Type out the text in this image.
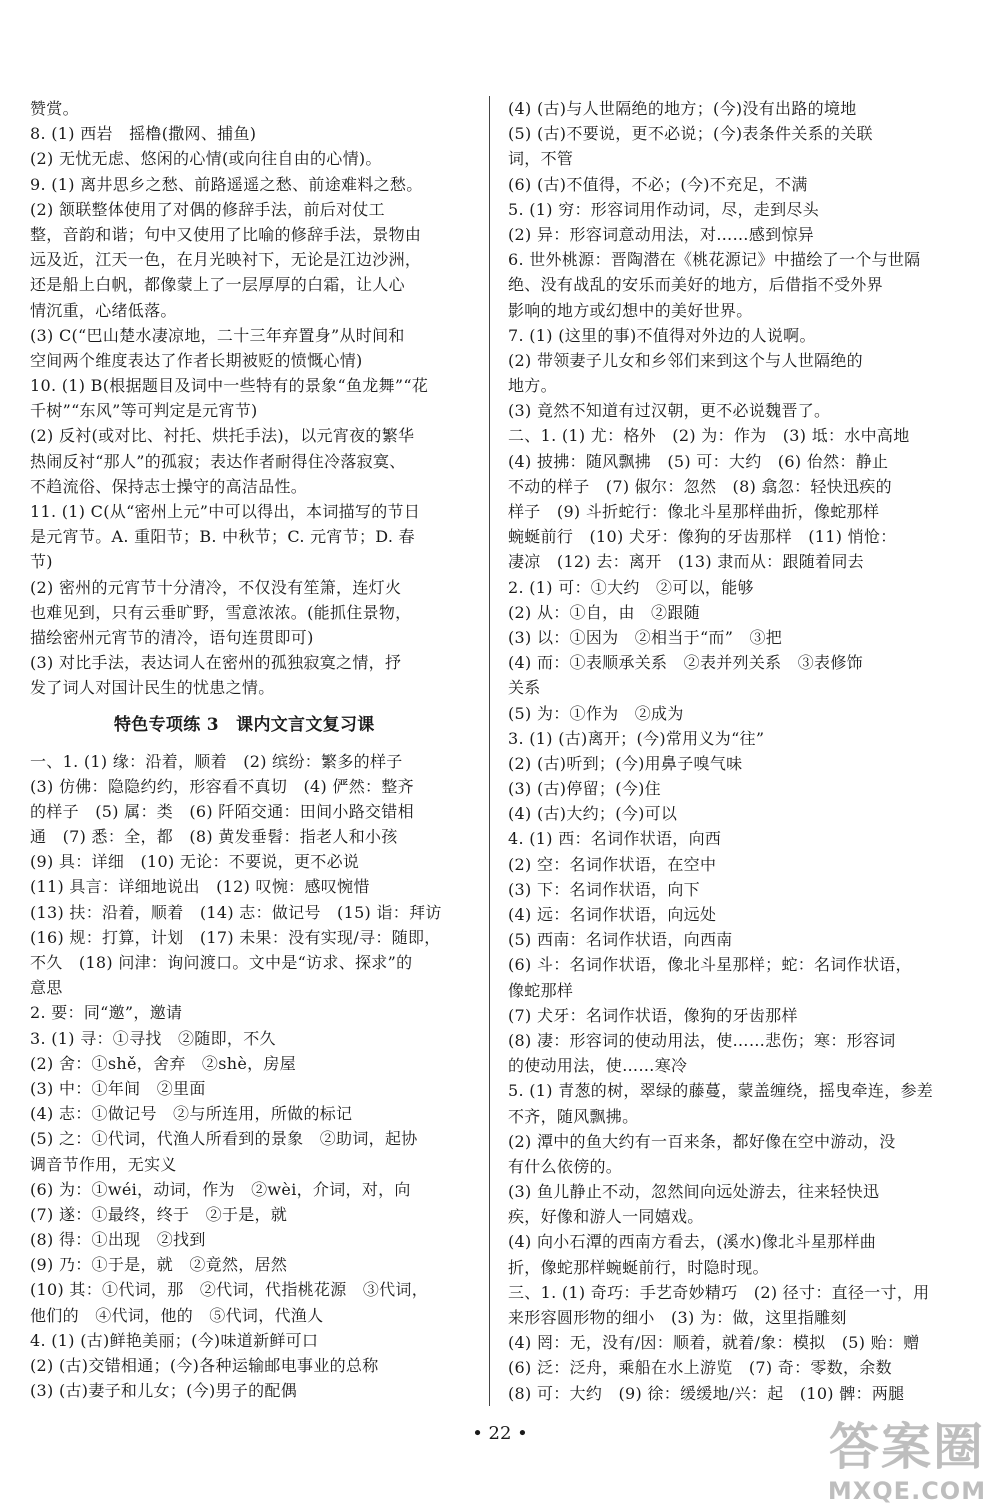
赞赏。
8. (1) 西岩　摇橹(撒网、捕鱼)
(2) 无忧无虑、悠闲的心情(或向往自由的心情)。
9. (1) 离井思乡之愁、前路遥遥之愁、前途难料之愁。
(2) 颔联整体使用了对偶的修辞手法，前后对仗工
整，音韵和谐；句中又使用了比喻的修辞手法，景物由
远及近，江天一色，在月光映衬下，无论是江边沙洲，
还是船上白帆，都像蒙上了一层厚厚的白霜，让人心
情沉重，心绪低落。
(3) C(“巴山楚水凄凉地，二十三年弃置身”从时间和
空间两个维度表达了作者长期被贬的愤慨心情)
10. (1) B(根据题目及词中一些特有的景象“鱼龙舞”“花
千树”“东风”等可判定是元宵节)
(2) 反衬(或对比、衬托、烘托手法)，以元宵夜的繁华
热闹反衬“那人”的孤寂；表达作者耐得住冷落寂寞、
不趋流俗、保持志士操守的高洁品性。
11. (1) C(从“密州上元”中可以得出，本词描写的节日
是元宵节。A. 重阳节；B. 中秋节；C. 元宵节；D. 春
节)
(2) 密州的元宵节十分清冷，不仅没有笙箫，连灯火
也难见到，只有云垂旷野，雪意浓浓。(能抓住景物，
描绘密州元宵节的清冷，语句连贯即可)
(3) 对比手法，表达词人在密州的孤独寂寞之情，抒
发了词人对国计民生的忧患之情。
特色专项练 3　课内文言文复习课
一、1. (1) 缘：沿着，顺着　(2) 缤纷：繁多的样子
(3) 仿佛：隐隐约约，形容看不真切　(4) 俨然：整齐
的样子　(5) 属：类　(6) 阡陌交通：田间小路交错相
通　(7) 悉：全，都　(8) 黄发垂髫：指老人和小孩
(9) 具：详细　(10) 无论：不要说，更不必说
(11) 具言：详细地说出　(12) 叹惋：感叹惋惜
(13) 扶：沿着，顺着　(14) 志：做记号　(15) 诣：拜访
(16) 规：打算，计划　(17) 未果：没有实现/寻：随即，
不久　(18) 问津：询问渡口。文中是“访求、探求”的
意思
2. 要：同“邀”，邀请
3. (1) 寻：①寻找　②随即，不久
(2) 舍：①shě，舍弃　②shè，房屋
(3) 中：①年间　②里面
(4) 志：①做记号　②与所连用，所做的标记
(5) 之：①代词，代渔人所看到的景象　②助词，起协
调音节作用，无实义
(6) 为：①wéi，动词，作为　②wèi，介词，对，向
(7) 遂：①最终，终于　②于是，就
(8) 得：①出现　②找到
(9) 乃：①于是，就　②竟然，居然
(10) 其：①代词，那　②代词，代指桃花源　③代词，
他们的　④代词，他的　⑤代词，代渔人
4. (1) (古)鲜艳美丽；(今)味道新鲜可口
(2) (古)交错相通；(今)各种运输邮电事业的总称
(3) (古)妻子和儿女；(今)男子的配偶
(4) (古)与人世隔绝的地方；(今)没有出路的境地
(5) (古)不要说，更不必说；(今)表条件关系的关联
词，不管
(6) (古)不值得，不必；(今)不充足，不满
5. (1) 穷：形容词用作动词，尽，走到尽头
(2) 异：形容词意动用法，对……感到惊异
6. 世外桃源：晋陶潜在《桃花源记》中描绘了一个与世隔
绝、没有战乱的安乐而美好的地方，后借指不受外界
影响的地方或幻想中的美好世界。
7. (1) (这里的事)不值得对外边的人说啊。
(2) 带领妻子儿女和乡邻们来到这个与人世隔绝的
地方。
(3) 竟然不知道有过汉朝，更不必说魏晋了。
二、1. (1) 尤：格外　(2) 为：作为　(3) 坻：水中高地
(4) 披拂：随风飘拂　(5) 可：大约　(6) 佁然：静止
不动的样子　(7) 俶尔：忽然　(8) 翕忽：轻快迅疾的
样子　(9) 斗折蛇行：像北斗星那样曲折，像蛇那样
蜿蜒前行　(10) 犬牙：像狗的牙齿那样　(11) 悄怆：
凄凉　(12) 去：离开　(13) 隶而从：跟随着同去
2. (1) 可：①大约　②可以，能够
(2) 从：①自，由　②跟随
(3) 以：①因为　②相当于“而”　③把
(4) 而：①表顺承关系　②表并列关系　③表修饰
关系
(5) 为：①作为　②成为
3. (1) (古)离开；(今)常用义为“往”
(2) (古)听到；(今)用鼻子嗅气味
(3) (古)停留；(今)住
(4) (古)大约；(今)可以
4. (1) 西：名词作状语，向西
(2) 空：名词作状语，在空中
(3) 下：名词作状语，向下
(4) 远：名词作状语，向远处
(5) 西南：名词作状语，向西南
(6) 斗：名词作状语，像北斗星那样；蛇：名词作状语，
像蛇那样
(7) 犬牙：名词作状语，像狗的牙齿那样
(8) 凄：形容词的使动用法，使……悲伤；寒：形容词
的使动用法，使……寒冷
5. (1) 青葱的树，翠绿的藤蔓，蒙盖缠绕，摇曳牵连，参差
不齐，随风飘拂。
(2) 潭中的鱼大约有一百来条，都好像在空中游动，没
有什么依傍的。
(3) 鱼儿静止不动，忽然间向远处游去，往来轻快迅
疾，好像和游人一同嬉戏。
(4) 向小石潭的西南方看去，(溪水)像北斗星那样曲
折，像蛇那样蜿蜒前行，时隐时现。
三、1. (1) 奇巧：手艺奇妙精巧　(2) 径寸：直径一寸，用
来形容圆形物的细小　(3) 为：做，这里指雕刻
(4) 罔：无，没有/因：顺着，就着/象：模拟　(5) 贻：赠
(6) 泛：泛舟，乘船在水上游览　(7) 奇：零数，余数
(8) 可：大约　(9) 徐：缓缓地/兴：起　(10) 髀：两腿
• 22 •	答案圈
MXQE.COM
